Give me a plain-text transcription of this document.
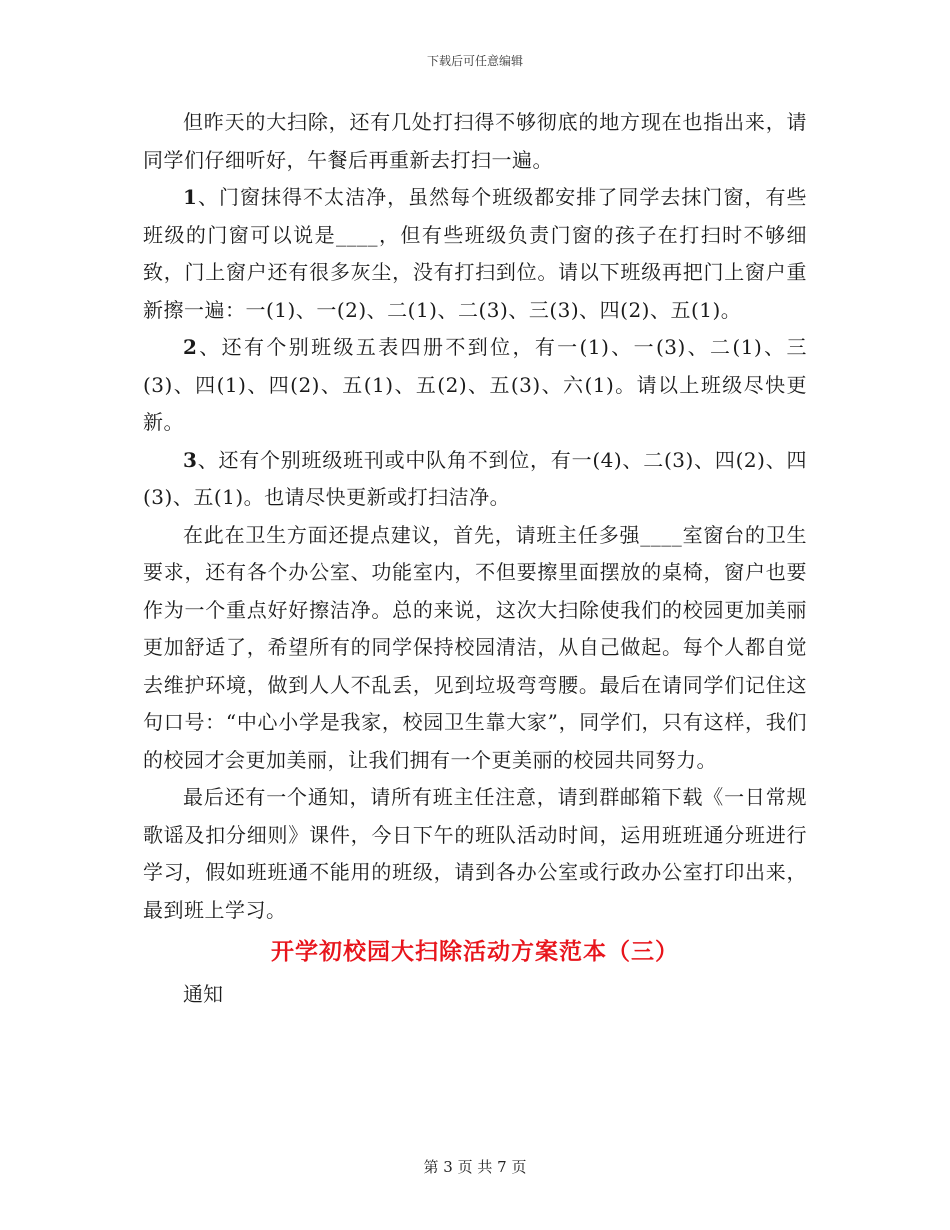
下载后可任意编辑

但昨天的大扫除，还有几处打扫得不够彻底的地方现在也指出来，请同学们仔细听好，午餐后再重新去打扫一遍。

1、门窗抹得不太洁净，虽然每个班级都安排了同学去抹门窗，有些班级的门窗可以说是____，但有些班级负责门窗的孩子在打扫时不够细致，门上窗户还有很多灰尘，没有打扫到位。请以下班级再把门上窗户重新擦一遍：一(1)、一(2)、二(1)、二(3)、三(3)、四(2)、五(1)。

2、还有个别班级五表四册不到位，有一(1)、一(3)、二(1)、三(3)、四(1)、四(2)、五(1)、五(2)、五(3)、六(1)。请以上班级尽快更新。

3、还有个别班级班刊或中队角不到位，有一(4)、二(3)、四(2)、四(3)、五(1)。也请尽快更新或打扫洁净。

在此在卫生方面还提点建议，首先，请班主任多强____室窗台的卫生要求，还有各个办公室、功能室内，不但要擦里面摆放的桌椅，窗户也要作为一个重点好好擦洁净。总的来说，这次大扫除使我们的校园更加美丽更加舒适了，希望所有的同学保持校园清洁，从自己做起。每个人都自觉去维护环境，做到人人不乱丢，见到垃圾弯弯腰。最后在请同学们记住这句口号：“中心小学是我家，校园卫生靠大家”，同学们，只有这样，我们的校园才会更加美丽，让我们拥有一个更美丽的校园共同努力。

最后还有一个通知，请所有班主任注意，请到群邮箱下载《一日常规歌谣及扣分细则》课件，今日下午的班队活动时间，运用班班通分班进行学习，假如班班通不能用的班级，请到各办公室或行政办公室打印出来，最到班上学习。

开学初校园大扫除活动方案范本（三）

通知

第 3 页 共 7 页
